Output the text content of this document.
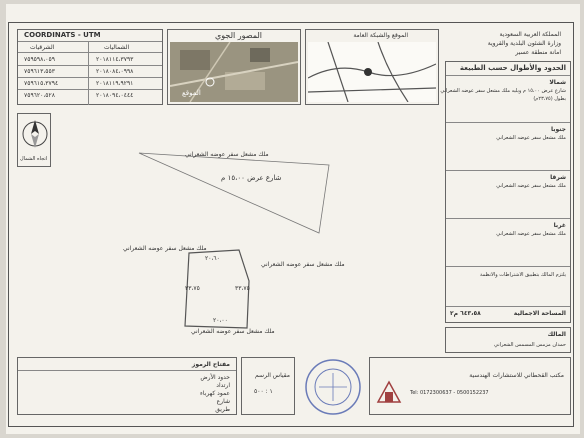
COORDINATS - UTM
الشرقيات	الشماليات
٧٥٩٥٩٨،٠٥٩	٢٠١٨١١٤،٣٧٩٣
٧٥٩٦١٣،٥٥٣	٢٠١٨٠٨٤،٠٩٩٨
٧٥٩٦١٥،٣٧٩٤	٢٠١٨١١٩،٩٢٩١
٧٥٩٦٢٠،٥٢٨	٢٠١٨٠٩٤،٠٤٤٤
المصور الجوي
الموقع
الموقع والشبكة العامة	المملكة العربية السعودية
وزارة الشئون البلدية والقروية
امانة منطقة عسير
الحدود والأطوال حسب الطبيعة
شمالا
شارع عرض ١٥،٠٠ م ويليه ملك مشعل سفر عوضه الشعراني
بطول (٢٣،٧٥م)
جنوبا
ملك مشعل سفر عوضه الشعراني
شرقا
ملك مشعل سفر عوضه الشعراني
غربا
ملك مشعل سفر عوضه الشعراني
يلتزم المالك بتطبيق الاشتراطات والانظمة
المساحة الاجمالية
٦٤٣،٥٨ م٢
المالك
حمدان مزمس المسمس الشعراني
اتجاه الشمال
شارع عرض ١٥،٠٠ م
ملك مشعل سفر عوضه الشعراني
ملك مشعل سفر عوضه الشعراني
ملك مشعل سفر عوضه الشعراني
ملك مشعل سفر عوضه الشعراني
٢٠،٦٠
٣٣،٧٥	٣٣،٧٥
٢٠،٠٠
مفتاح الرموز
حدود الأرض
ارتداد
عمود كهرباء
شارع
طريق
مقياس الرسم
١ : ٥٠٠
مكتب القحطاني للاستشارات الهندسية
Tel: 0172300637 - 0500152237
